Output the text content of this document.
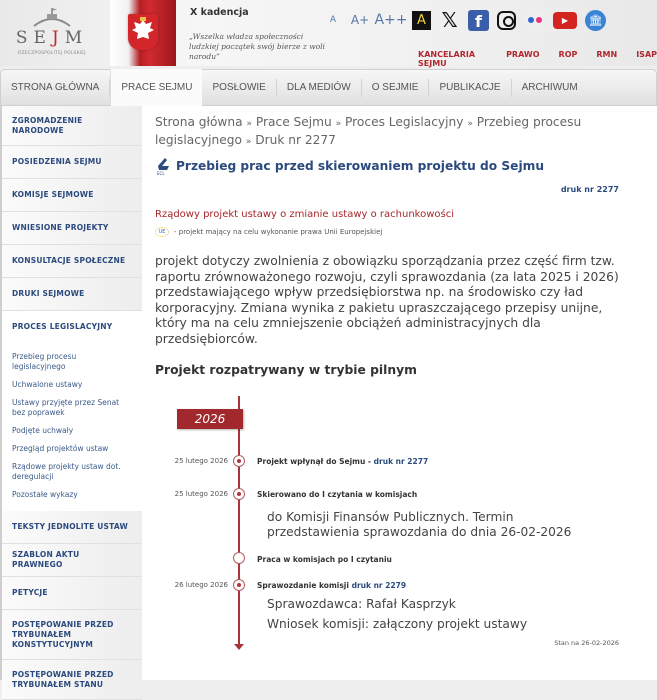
SEJM
RZECZPOSPOLITEJ POLSKIEJ
X kadencja
„Wszelka władza społeczności ludzkiej początek swój bierze z woli narodu”
A	A+ A++ A 𝕏	f	▶	🏛
KANCELARIA SEJMU
PRAWO ROP RMN ISAP
STRONA GŁÓWNA	PRACE SEJMU	POSŁOWIE	DLA MEDIÓW	O SEJMIE	PUBLIKACJE	ARCHIWUM
ZGROMADZENIE NARODOWE
POSIEDZENIA SEJMU
KOMISJE SEJMOWE
WNIESIONE PROJEKTY
KONSULTACJE SPOŁECZNE
DRUKI SEJMOWE
PROCES LEGISLACYJNY
Przebieg procesu legislacyjnego
Uchwalone ustawy
Ustawy przyjęte przez Senat bez poprawek
Podjęte uchwały
Przegląd projektów ustaw
Rządowe projekty ustaw dot. deregulacji
Pozostałe wykazy
TEKSTY JEDNOLITE USTAW
SZABLON AKTU PRAWNEGO
PETYCJE
POSTĘPOWANIE PRZED TRYBUNAŁEM KONSTYTUCYJNYM
POSTĘPOWANIE PRZED TRYBUNAŁEM STANU
Strona główna » Prace Sejmu » Proces Legislacyjny » Przebieg procesu legislacyjnego » Druk nr 2277
ECL
Przebieg prac przed skierowaniem projektu do Sejmu
druk nr 2277
Rządowy projekt ustawy o zmianie ustawy o rachunkowości
UE	- projekt mający na celu wykonanie prawa Unii Europejskiej
projekt dotyczy zwolnienia z obowiązku sporządzania przez część firm tzw. raportu zrównoważonego rozwoju, czyli sprawozdania (za lata 2025 i 2026) przedstawiającego wpływ przedsiębiorstwa np. na środowisko czy ład korporacyjny. Zmiana wynika z pakietu upraszczającego przepisy unijne, który ma na celu zmniejszenie obciążeń administracyjnych dla przedsiębiorców.
Projekt rozpatrywany w trybie pilnym
2026
25 lutego 2026	Projekt wpłynął do Sejmu - druk nr 2277
25 lutego 2026	Skierowano do I czytania w komisjach
do Komisji Finansów Publicznych. Termin przedstawienia sprawozdania do dnia 26-02-2026
Praca w komisjach po I czytaniu
26 lutego 2026	Sprawozdanie komisji druk nr 2279
Sprawozdawca: Rafał Kasprzyk
Wniosek komisji: załączony projekt ustawy
Stan na 26-02-2026
